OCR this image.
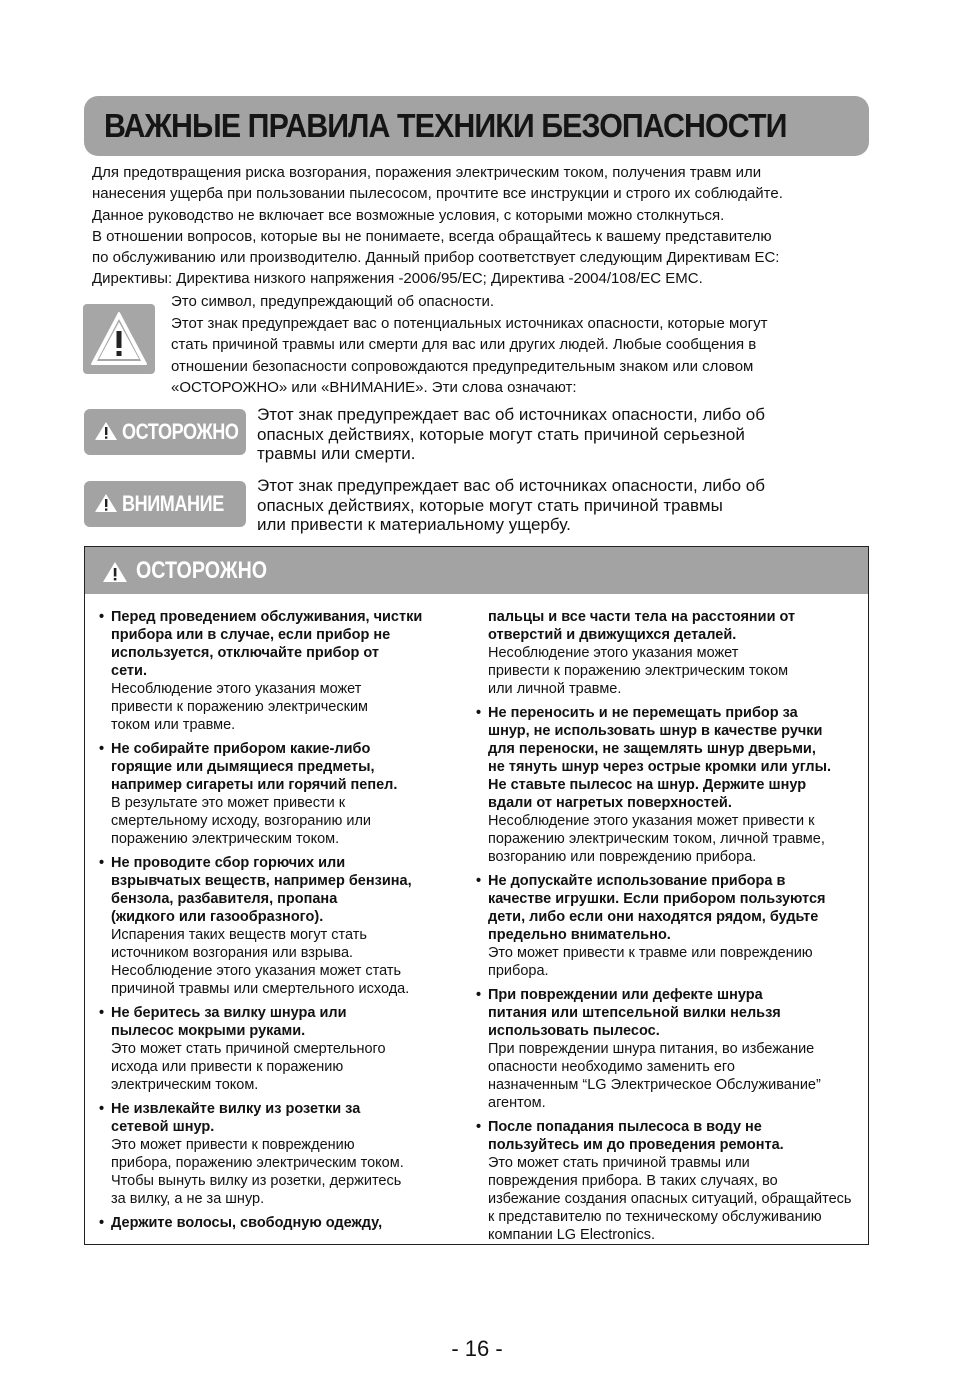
ВАЖНЫЕ ПРАВИЛА ТЕХНИКИ БЕЗОПАСНОСТИ

Для предотвращения риска возгорания, поражения электрическим током, получения травм или

нанесения ущерба при пользовании пылесосом, прочтите все инструкции и строго их соблюдайте.

Данное руководство не включает все возможные условия, с которыми можно столкнуться.

В отношении вопросов, которые вы не понимаете, всегда обращайтесь к вашему представителю

по обслуживанию или производителю. Данный прибор соответствует следующим Директивам ЕС:

Директивы: Директива низкого напряжения -2006/95/EC; Директива -2004/108/EC EMC.

Это символ, предупреждающий об опасности.

Этот знак предупреждает вас о потенциальных источниках опасности, которые могут

стать причиной травмы или смерти для вас или других людей. Любые сообщения в

отношении безопасности сопровождаются предупредительным знаком или словом

«ОСТОРОЖНО» или «ВНИМАНИЕ». Эти слова означают:

ОСТОРОЖНО

Этот знак предупреждает вас об источниках опасности, либо об

опасных действиях, которые могут стать причиной серьезной

травмы или смерти.

ВНИМАНИЕ

Этот знак предупреждает вас об источниках опасности, либо об

опасных действиях, которые могут стать причиной травмы

или привести к материальному ущербу.

ОСТОРОЖНО
• Перед проведением обслуживания, чистки

прибора или в случае, если прибор не

используется, отключайте прибор от

сети.

Несоблюдение этого указания может

привести к поражению электрическим

током или травме.

• Не собирайте прибором какие-либо

горящие или дымящиеся предметы,

например сигареты или горячий пепел.

В результате это может привести к

смертельному исходу, возгоранию или

поражению электрическим током.

• Не проводите сбор горючих или

взрывчатых веществ, например бензина,

бензола, разбавителя, пропана

(жидкого или газообразного).

Испарения таких веществ могут стать

источником возгорания или взрыва.

Несоблюдение этого указания может стать

причиной травмы или смертельного исхода.

• Не беритесь за вилку шнура или

пылесос мокрыми руками.

Это может стать причиной смертельного

исхода или привести к поражению

электрическим током.

• Не извлекайте вилку из розетки за

сетевой шнур.

Это может привести к повреждению

прибора, поражению электрическим током.

Чтобы вынуть вилку из розетки, держитесь

за вилку, а не за шнур.

• Держите волосы, свободную одежду,

пальцы и все части тела на расстоянии от

отверстий и движущихся деталей.

Несоблюдение этого указания может

привести к поражению электрическим током

или личной травме.

• Не переносить и не перемещать прибор за

шнур, не использовать шнур в качестве ручки

для переноски, не защемлять шнур дверьми,

не тянуть шнур через острые кромки или углы.

Не ставьте пылесос на шнур. Держите шнур

вдали от нагретых поверхностей.

Несоблюдение этого указания может привести к

поражению электрическим током, личной травме,

возгоранию или повреждению прибора.

• Не допускайте использование прибора в

качестве игрушки. Если прибором пользуются

дети, либо если они находятся рядом, будьте

предельно внимательно.

Это может привести к травме или повреждению

прибора.

• При повреждении или дефекте шнура

питания или штепсельной вилки нельзя

использовать пылесос.

При повреждении шнура питания, во избежание

опасности необходимо заменить его

назначенным “LG Электрическое Обслуживание”

агентом.

• После попадания пылесоса в воду не

пользуйтесь им до проведения ремонта.

Это может стать причиной травмы или

повреждения прибора. В таких случаях, во

избежание создания опасных ситуаций, обращайтесь

к представителю по техническому обслуживанию

компании LG Electronics.

- 16 -
